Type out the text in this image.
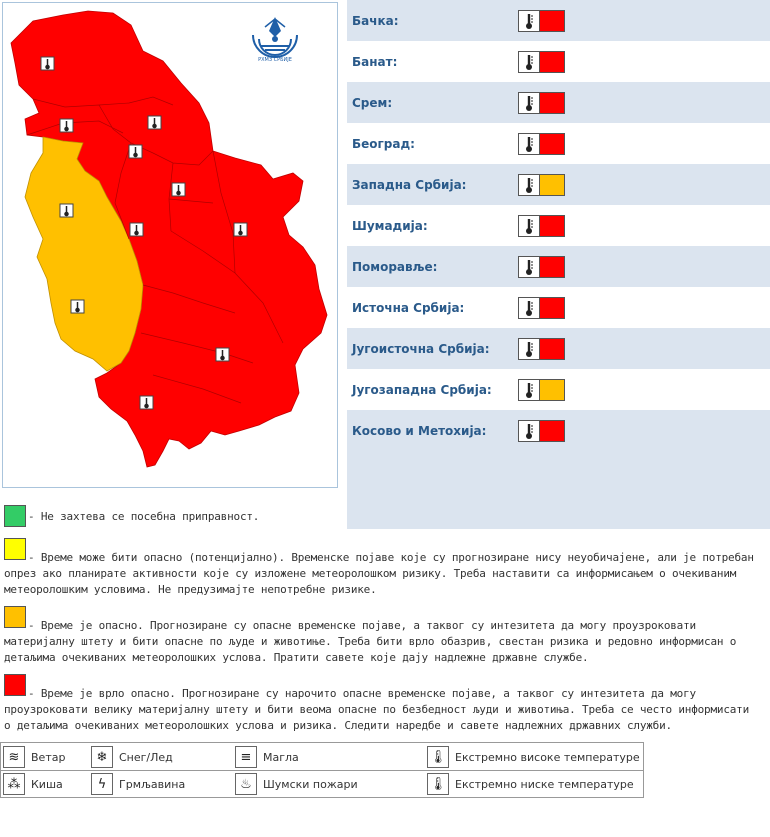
РХМЗ СРБИЈЕ
Бачка:
Банат:
Срем:
Београд:
Западна Србија:
Шумадија:
Поморавље:
Источна Србија:
Југоисточна Србија:
Југозападна Србија:
Косово и Метохија:
- Не захтева се посебна приправност.
- Време може бити опасно (потенцијално). Временске појаве које су прогнозиране нису неуобичајене, али је потребан
опрез ако планирате активности које су изложене метеоролошком ризику. Треба наставити са информисањем о очекиваним
метеоролошким условима. Не предузимајте непотребне ризике.
- Време је опасно. Прогнозиране су опасне временске појаве, а таквог су интезитета да могу проузроковати
материјалну штету и бити опасне по људе и животиње. Треба бити врло обазрив, свестан ризика и редовно информисан о
детаљима очекиваних метеоролошких услова. Пратити савете које дају надлежне државне службе.
- Време је врло опасно. Прогнозиране су нарочито опасне временске појаве, а таквог су интезитета да могу
проузроковати велику материјалну штету и бити веома опасне по безбедност људи и животиња. Треба се често информисати
о детаљима очекиваних метеоролошких услова и ризика. Следити наредбе и савете надлежних државних служби.
≋	Ветар	❄	Снег/Лед	≡	Магла	🌡 Екстремно високе температуре
⁂ Киша	ϟ	Грмљавина	♨	Шумски пожари	🌡 Екстремно ниске температуре
